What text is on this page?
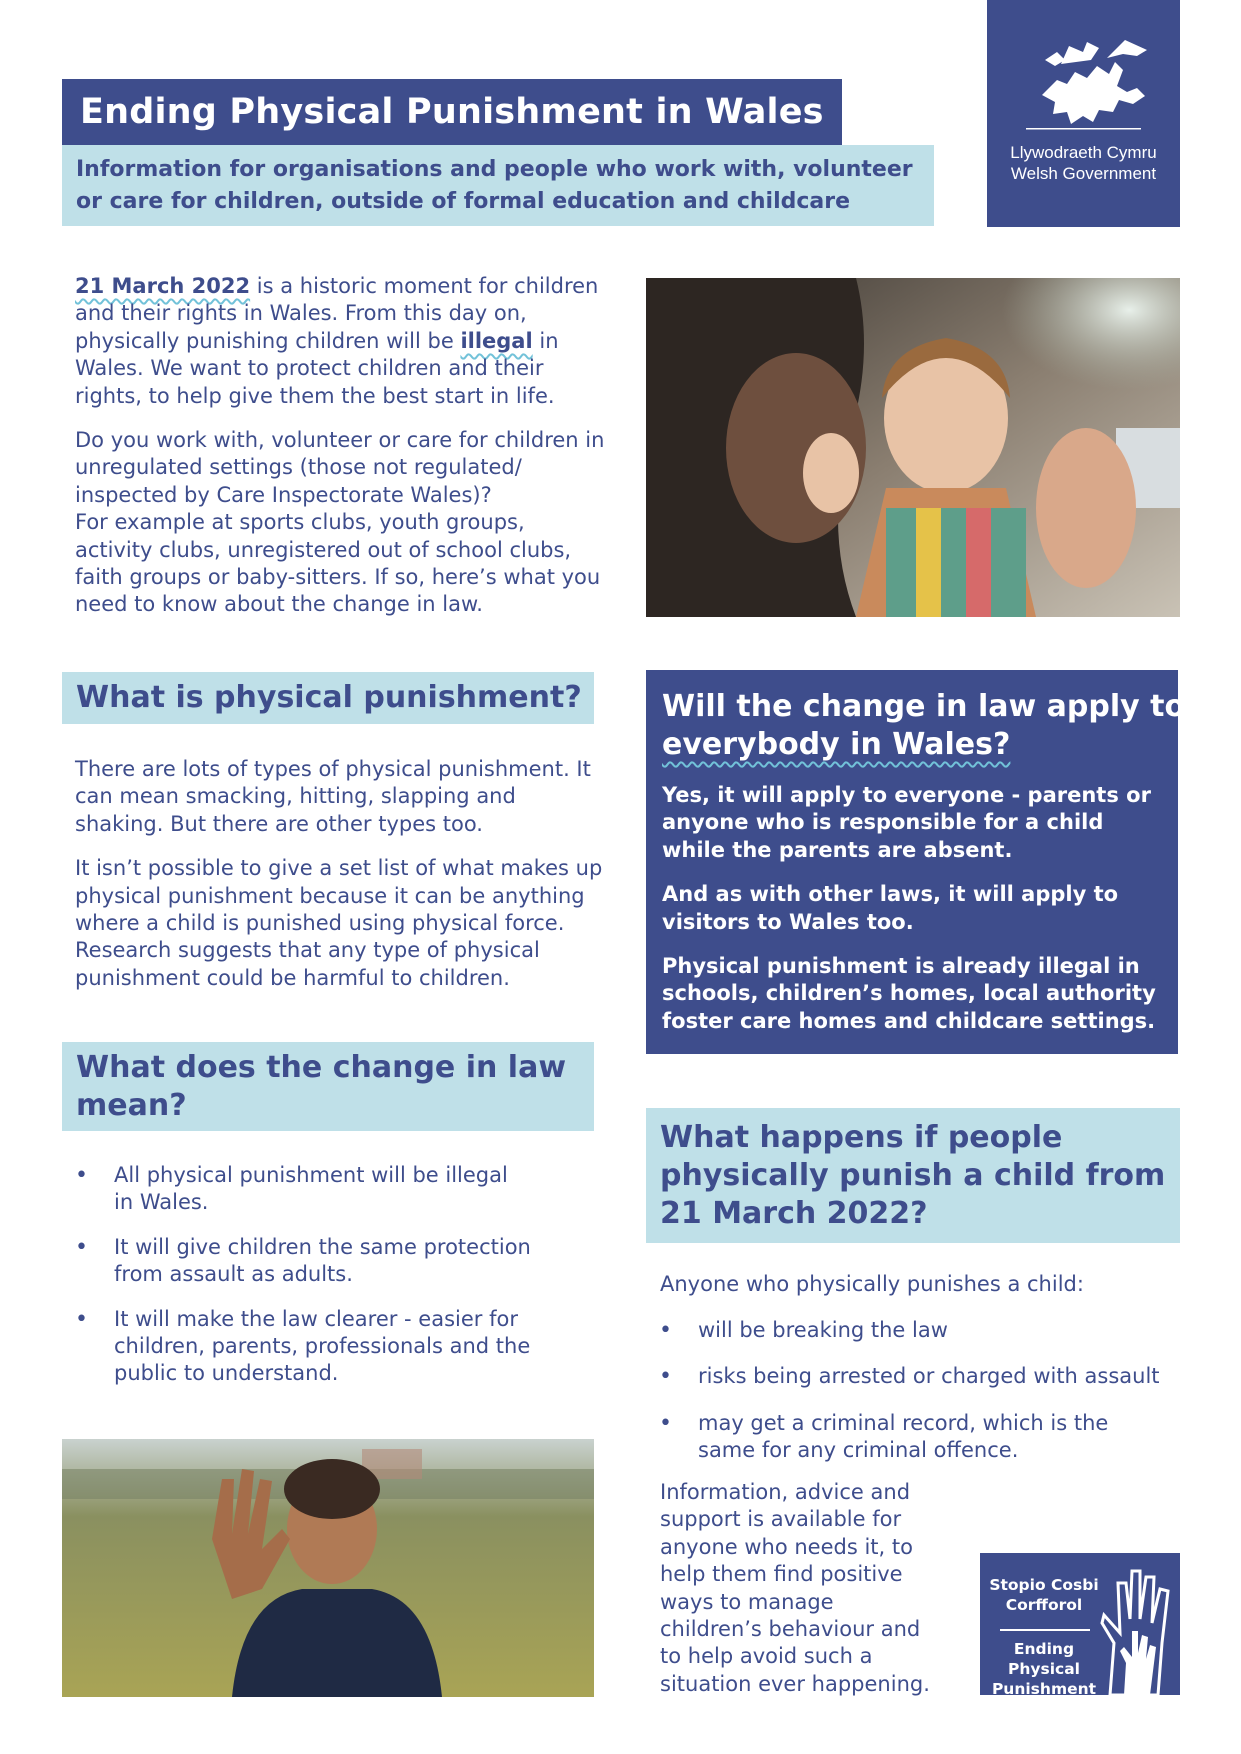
Ending Physical Punishment in Wales
Information for organisations and people who work with, volunteer
or care for children, outside of formal education and childcare
Llywodraeth Cymru
Welsh Government

21 March 2022 is a historic moment for children and their rights in Wales. From this day on, physically punishing children will be illegal in Wales. We want to protect children and their rights, to help give them the best start in life.

Do you work with, volunteer or care for children in unregulated settings (those not regulated/ inspected by Care Inspectorate Wales)?

For example at sports clubs, youth groups, activity clubs, unregistered out of school clubs, faith groups or baby-sitters. If so, here’s what you need to know about the change in law.

What is physical punishment?

There are lots of types of physical punishment. It can mean smacking, hitting, slapping and shaking. But there are other types too.

It isn’t possible to give a set list of what makes up physical punishment because it can be anything where a child is punished using physical force. Research suggests that any type of physical punishment could be harmful to children.

What does the change in law
mean?
• All physical punishment will be illegal in Wales.
• It will give children the same protection from assault as adults.
• It will make the law clearer - easier for children, parents, professionals and the public to understand.
Will the change in law apply to
everybody in Wales?

Yes, it will apply to everyone - parents or anyone who is responsible for a child while the parents are absent.

And as with other laws, it will apply to visitors to Wales too.

Physical punishment is already illegal in schools, children’s homes, local authority foster care homes and childcare settings.

What happens if people
physically punish a child from
21 March 2022?
Anyone who physically punishes a child:
• will be breaking the law
• risks being arrested or charged with assault
• may get a criminal record, which is the same for any criminal offence.
Information, advice and support is available for anyone who needs it, to help them find positive ways to manage children’s behaviour and to help avoid such a situation ever happening.
Stopio Cosbi
Corfforol
Ending Physical
Punishment
